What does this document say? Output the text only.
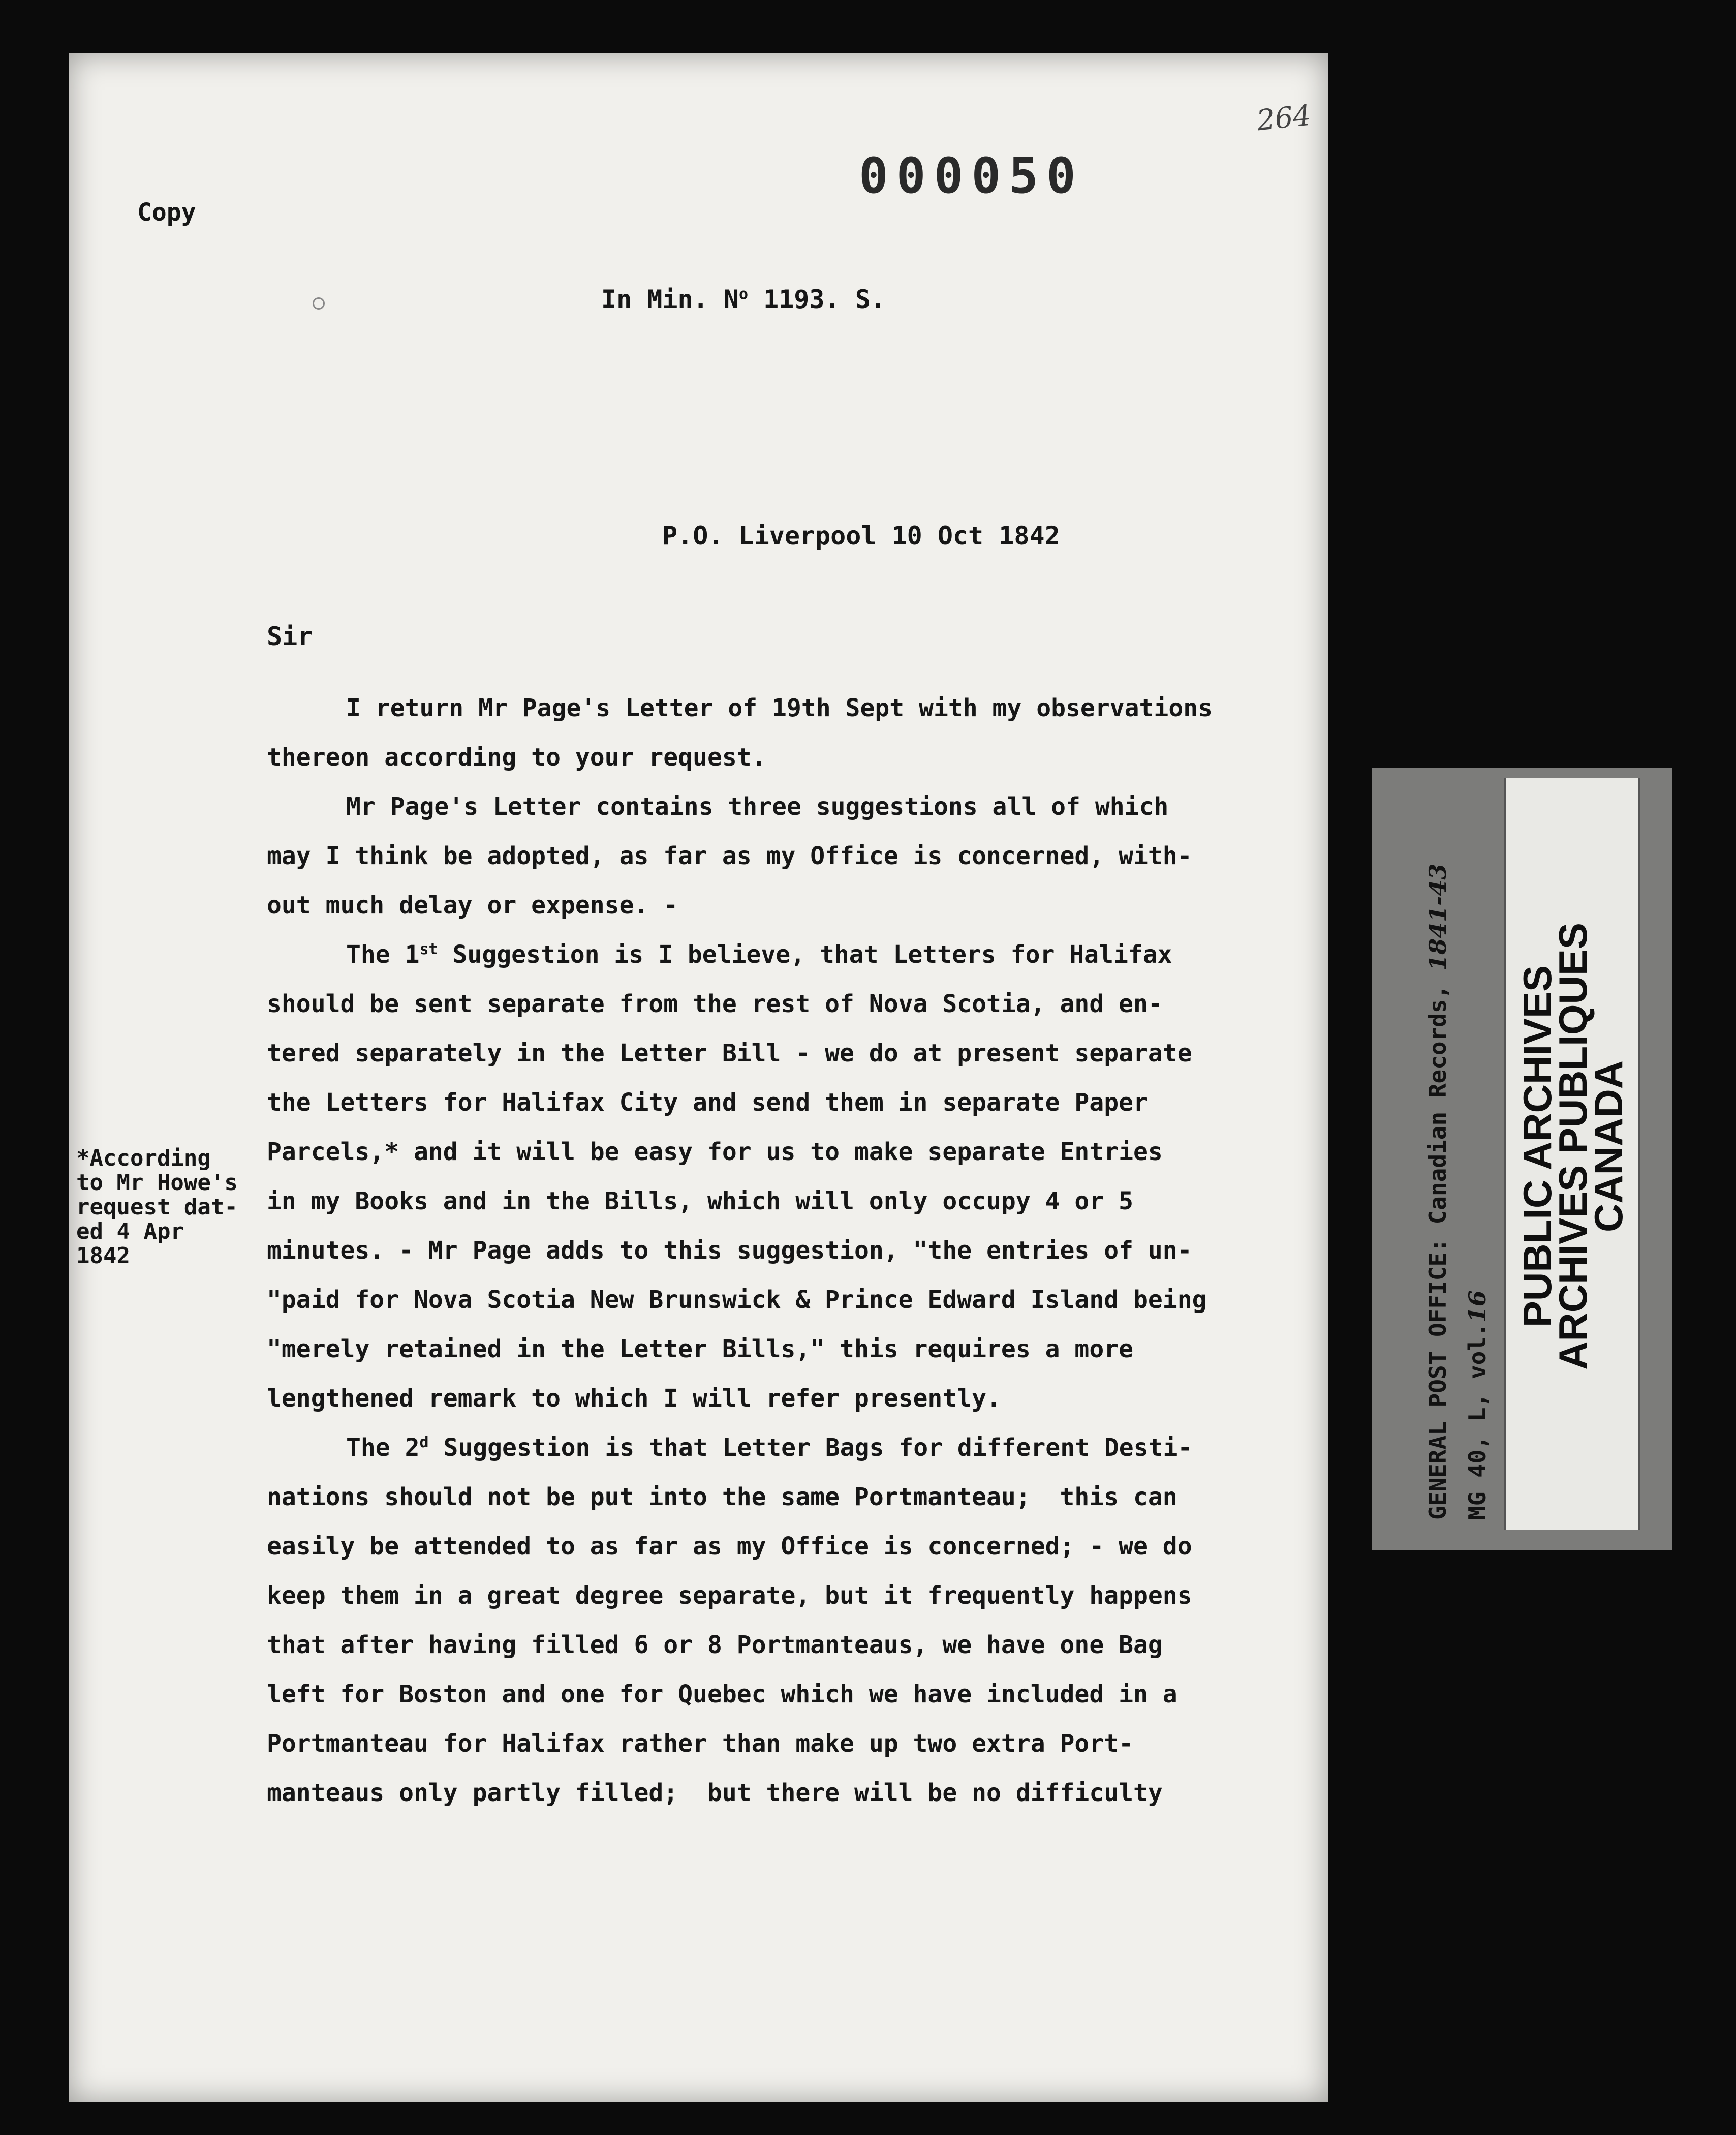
264
000050
Copy
In Min. $N^o$ 1193. S.
P.O. Liverpool 10 Oct 1842
Sir
I return Mr Page's Letter of 19th Sept with my observations
thereon according to your request.
Mr Page's Letter contains three suggestions all of which
may I think be adopted, as far as my Office is concerned, with-
out much delay or expense. -
The 1st Suggestion is I believe, that Letters for Halifax
should be sent separate from the rest of Nova Scotia, and en-
tered separately in the Letter Bill - we do at present separate
the Letters for Halifax City and send them in separate Paper
Parcels,* and it will be easy for us to make separate Entries
in my Books and in the Bills, which will only occupy 4 or 5
minutes. - Mr Page adds to this suggestion, "the entries of un-
"paid for Nova Scotia New Brunswick & Prince Edward Island being
"merely retained in the Letter Bills," this requires a more
lengthened remark to which I will refer presently.
The 2$^d$ Suggestion is that Letter Bags for different Desti-
nations should not be put into the same Portmanteau;  this can
easily be attended to as far as my Office is concerned; - we do
keep them in a great degree separate, but it frequently happens
that after having filled 6 or 8 Portmanteaus, we have one Bag
left for Boston and one for Quebec which we have included in a
Portmanteau for Halifax rather than make up two extra Port-
manteaus only partly filled;  but there will be no difficulty
*According
to Mr Howe's
request dat-
ed 4 Apr
1842	GENERAL POST OFFICE: Canadian Records, 1841-43
MG 40, L, vol.16 PUBLIC ARCHIVES
ARCHIVES PUBLIQUES
CANADA
